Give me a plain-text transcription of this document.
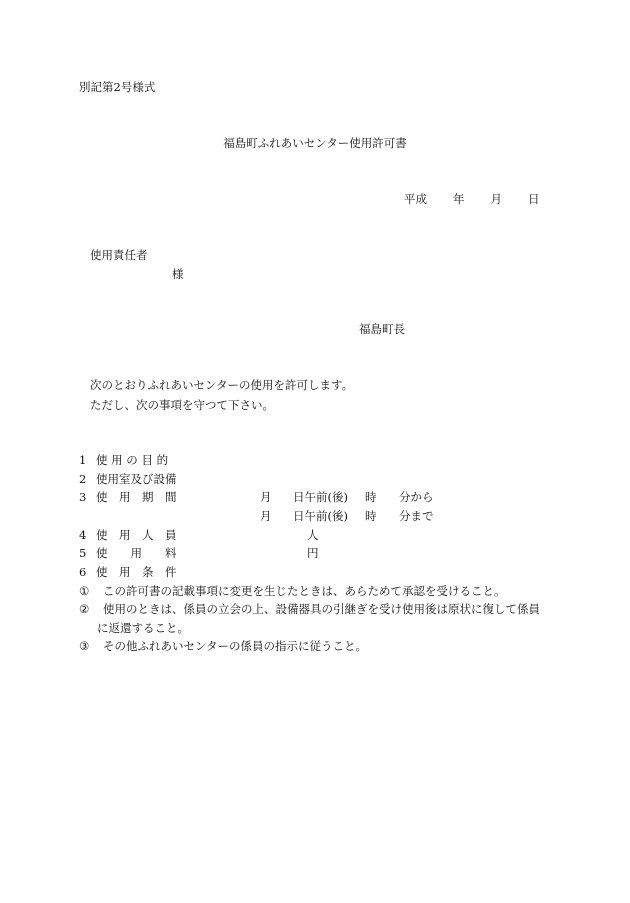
別記第2号様式
福島町ふれあいセンター使用許可書
平成 年 月 日
使用責任者
様
福島町長
次のとおりふれあいセンターの使用を許可します。
ただし、次の事項を守つて下さい。
1 使 用 の 目 的
2 使用室及び設備
3 使　用　期　間	月 日午前(後) 時 分から
月 日午前(後) 時 分まで
4 使　用　人　員	人
5 使　　用　　料	円
6 使　用　条　件
① この許可書の記載事項に変更を生じたときは、あらためて承認を受けること。
② 使用のときは、係員の立会の上、設備器具の引継ぎを受け使用後は原状に復して係員
に返還すること。
③ その他ふれあいセンターの係員の指示に従うこと。
